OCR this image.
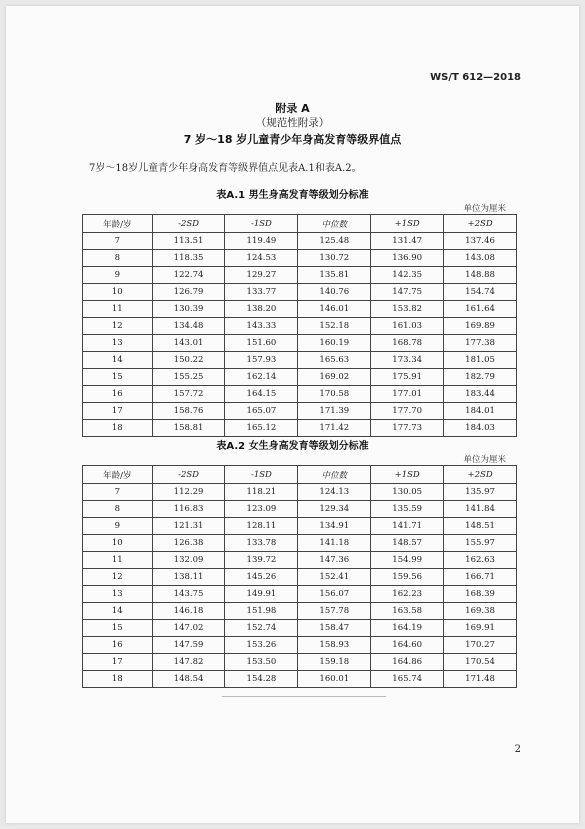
WS/T 612—2018
附录 A
（规范性附录）
7 岁～18 岁儿童青少年身高发育等级界值点
7岁～18岁儿童青少年身高发育等级界值点见表A.1和表A.2。
表A.1 男生身高发育等级划分标准
单位为厘米
年龄/岁	-2SD	-1SD	中位数	+1SD	+2SD
7	113.51	119.49	125.48	131.47	137.46
8	118.35	124.53	130.72	136.90	143.08
9	122.74	129.27	135.81	142.35	148.88
10	126.79	133.77	140.76	147.75	154.74
11	130.39	138.20	146.01	153.82	161.64
12	134.48	143.33	152.18	161.03	169.89
13	143.01	151.60	160.19	168.78	177.38
14	150.22	157.93	165.63	173.34	181.05
15	155.25	162.14	169.02	175.91	182.79
16	157.72	164.15	170.58	177.01	183.44
17	158.76	165.07	171.39	177.70	184.01
18	158.81	165.12	171.42	177.73	184.03
表A.2 女生身高发育等级划分标准
单位为厘米
年龄/岁	-2SD	-1SD	中位数	+1SD	+2SD
7	112.29	118.21	124.13	130.05	135.97
8	116.83	123.09	129.34	135.59	141.84
9	121.31	128.11	134.91	141.71	148.51
10	126.38	133.78	141.18	148.57	155.97
11	132.09	139.72	147.36	154.99	162.63
12	138.11	145.26	152.41	159.56	166.71
13	143.75	149.91	156.07	162.23	168.39
14	146.18	151.98	157.78	163.58	169.38
15	147.02	152.74	158.47	164.19	169.91
16	147.59	153.26	158.93	164.60	170.27
17	147.82	153.50	159.18	164.86	170.54
18	148.54	154.28	160.01	165.74	171.48
2
